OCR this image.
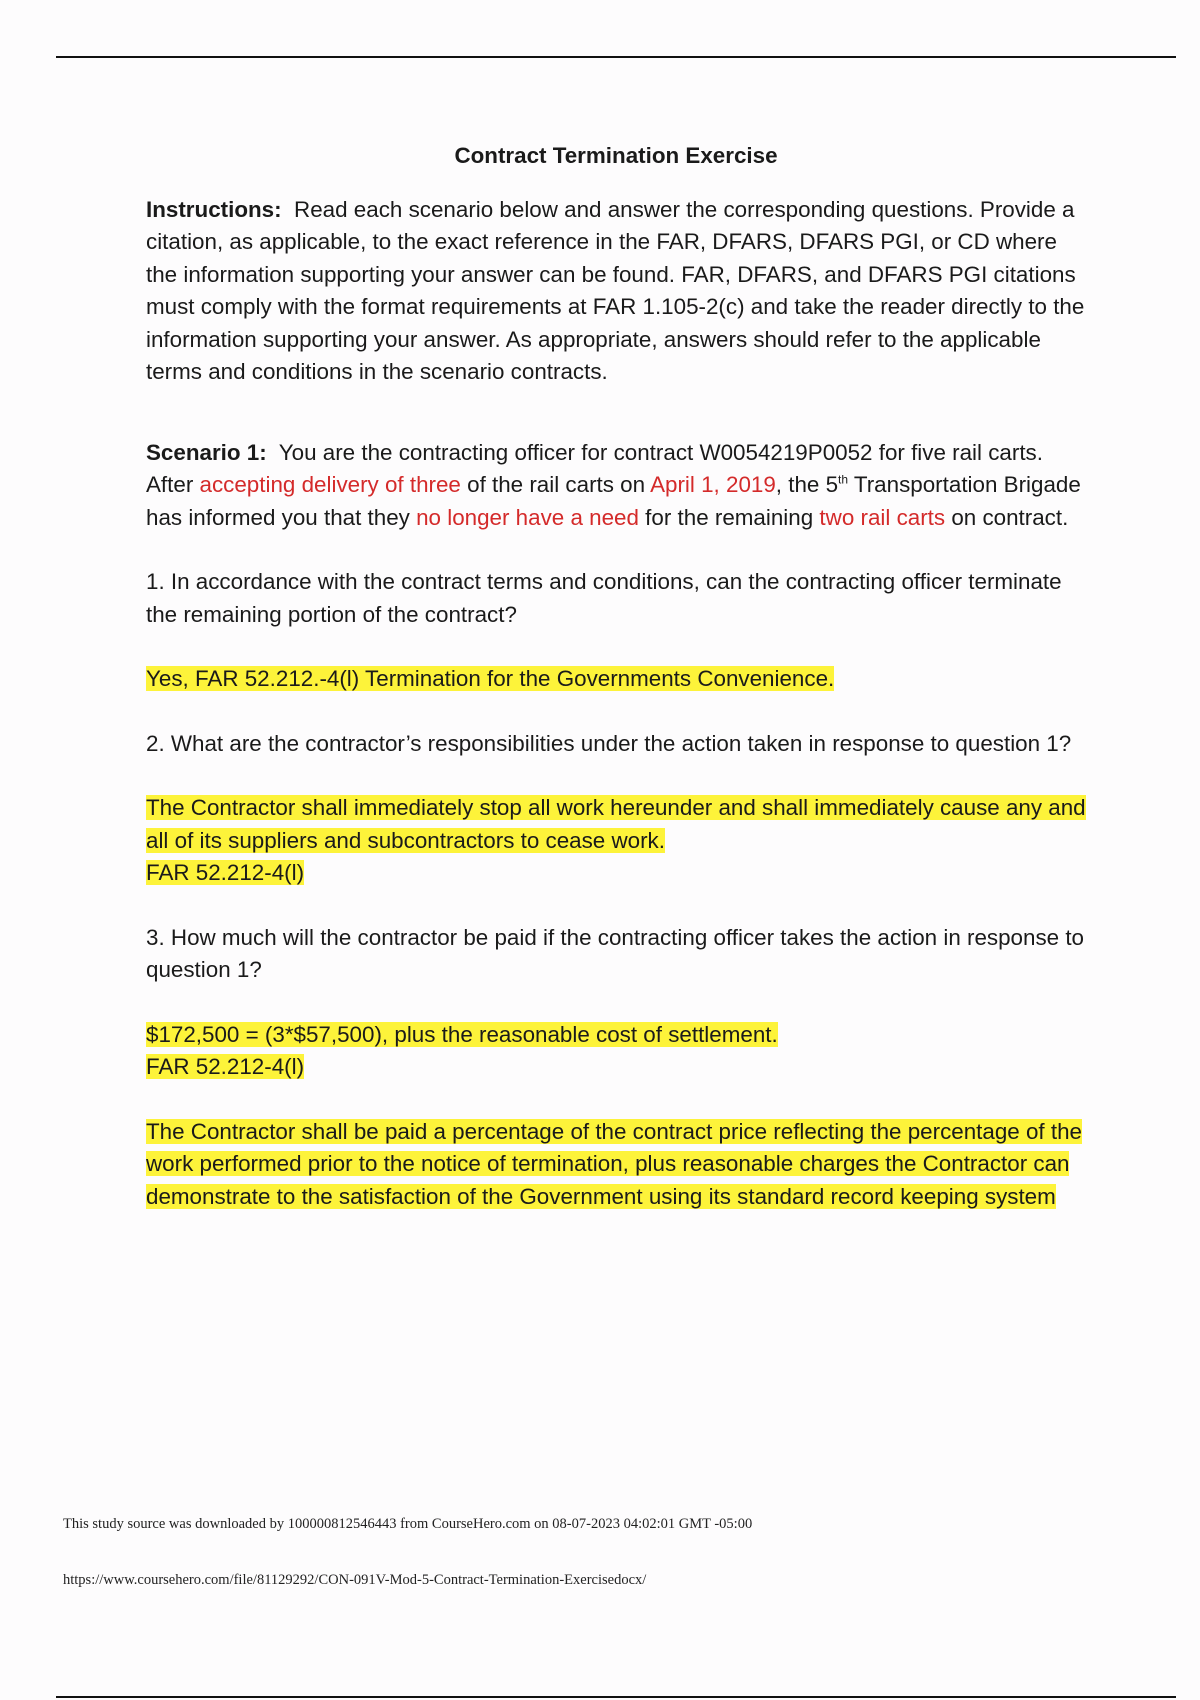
Contract Termination Exercise

Instructions: Read each scenario below and answer the corresponding questions. Provide a citation, as applicable, to the exact reference in the FAR, DFARS, DFARS PGI, or CD where the information supporting your answer can be found. FAR, DFARS, and DFARS PGI citations must comply with the format requirements at FAR 1.105-2(c) and take the reader directly to the information supporting your answer. As appropriate, answers should refer to the applicable terms and conditions in the scenario contracts.

Scenario 1: You are the contracting officer for contract W0054219P0052 for five rail carts. After accepting delivery of three of the rail carts on April 1, 2019, the 5th Transportation Brigade has informed you that they no longer have a need for the remaining two rail carts on contract.

1. In accordance with the contract terms and conditions, can the contracting officer terminate the remaining portion of the contract?

Yes, FAR 52.212.-4(l) Termination for the Governments Convenience.

2. What are the contractor’s responsibilities under the action taken in response to question 1?

The Contractor shall immediately stop all work hereunder and shall immediately cause any and all of its suppliers and subcontractors to cease work.

FAR 52.212-4(l)

3. How much will the contractor be paid if the contracting officer takes the action in response to question 1?

$172,500 = (3*$57,500), plus the reasonable cost of settlement.

FAR 52.212-4(l)

The Contractor shall be paid a percentage of the contract price reflecting the percentage of the work performed prior to the notice of termination, plus reasonable charges the Contractor can demonstrate to the satisfaction of the Government using its standard record keeping system

This study source was downloaded by 100000812546443 from CourseHero.com on 08-07-2023 04:02:01 GMT -05:00
https://www.coursehero.com/file/81129292/CON-091V-Mod-5-Contract-Termination-Exercisedocx/
